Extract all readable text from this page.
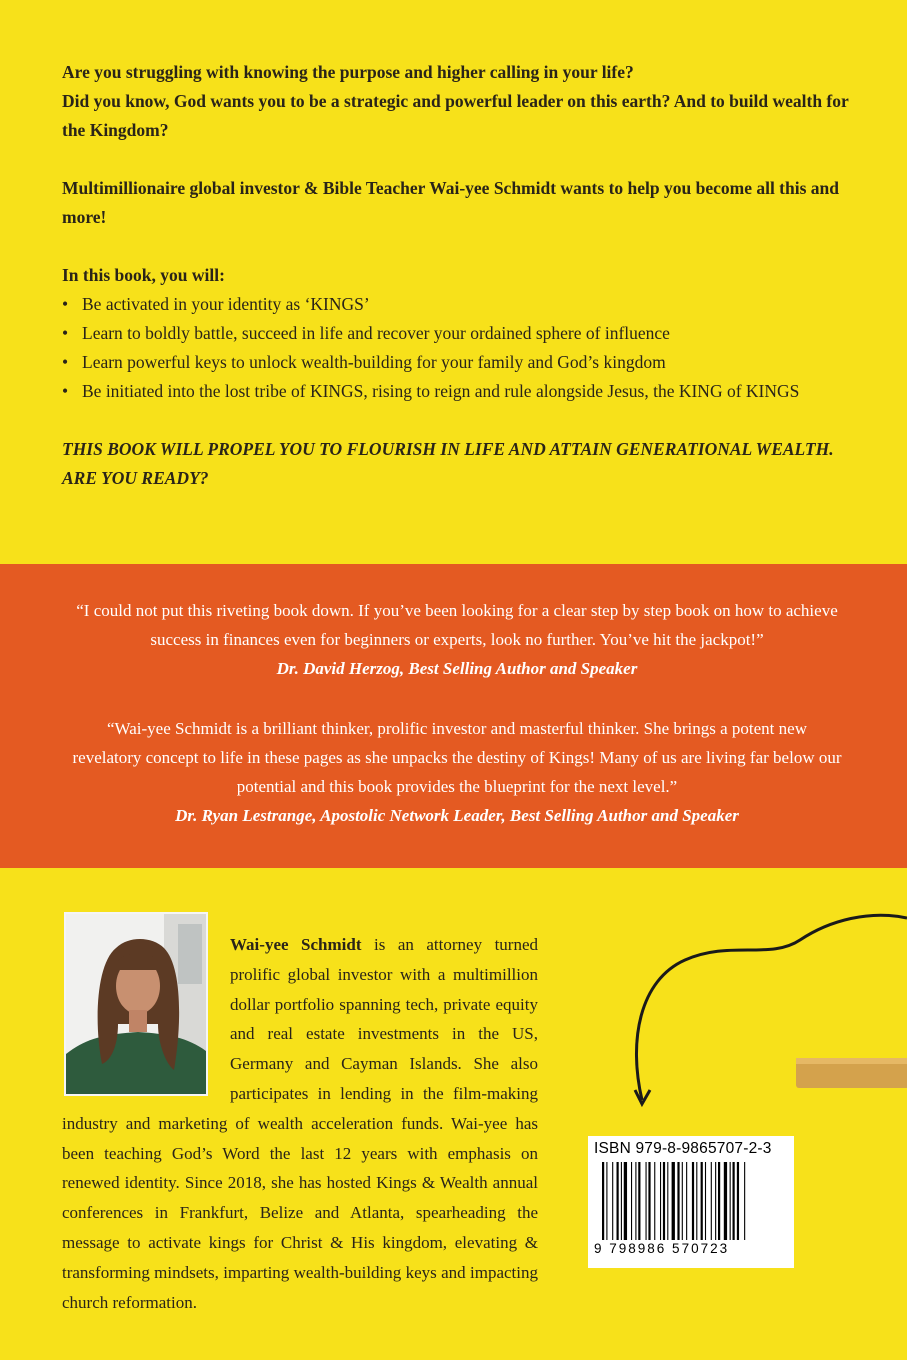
Are you struggling with knowing the purpose and higher calling in your life?

Did you know, God wants you to be a strategic and powerful leader on this earth? And to build wealth for the Kingdom?

Multimillionaire global investor & Bible Teacher Wai-yee Schmidt wants to help you become all this and more!

In this book, you will:

• Be activated in your identity as ‘KINGS’
• Learn to boldly battle, succeed in life and recover your ordained sphere of influence
• Learn powerful keys to unlock wealth-building for your family and God’s kingdom
• Be initiated into the lost tribe of KINGS, rising to reign and rule alongside Jesus, the KING of KINGS

THIS BOOK WILL PROPEL YOU TO FLOURISH IN LIFE AND ATTAIN GENERATIONAL WEALTH. ARE YOU READY?

“I could not put this riveting book down. If you’ve been looking for a clear step by step book on how to achieve success in finances even for beginners or experts, look no further. You’ve hit the jackpot!”
Dr. David Herzog, Best Selling Author and Speaker

“Wai-yee Schmidt is a brilliant thinker, prolific investor and masterful thinker. She brings a potent new revelatory concept to life in these pages as she unpacks the destiny of Kings! Many of us are living far below our potential and this book provides the blueprint for the next level.”
Dr. Ryan Lestrange, Apostolic Network Leader, Best Selling Author and Speaker

Wai-yee Schmidt is an attorney turned prolific global investor with a multimillion dollar portfolio spanning tech, private equity and real estate investments in the US, Germany and Cayman Islands. She also participates in lending in the film-making industry and marketing of wealth acceleration funds. Wai-yee has been teaching God’s Word the last 12 years with emphasis on renewed identity. Since 2018, she has hosted Kings & Wealth annual conferences in Frankfurt, Belize and Atlanta, spearheading the message to activate kings for Christ & His kingdom, elevating & transforming mindsets, imparting wealth-building keys and impacting church reformation.

ISBN 979-8-9865707-2-3
9 798986 570723
